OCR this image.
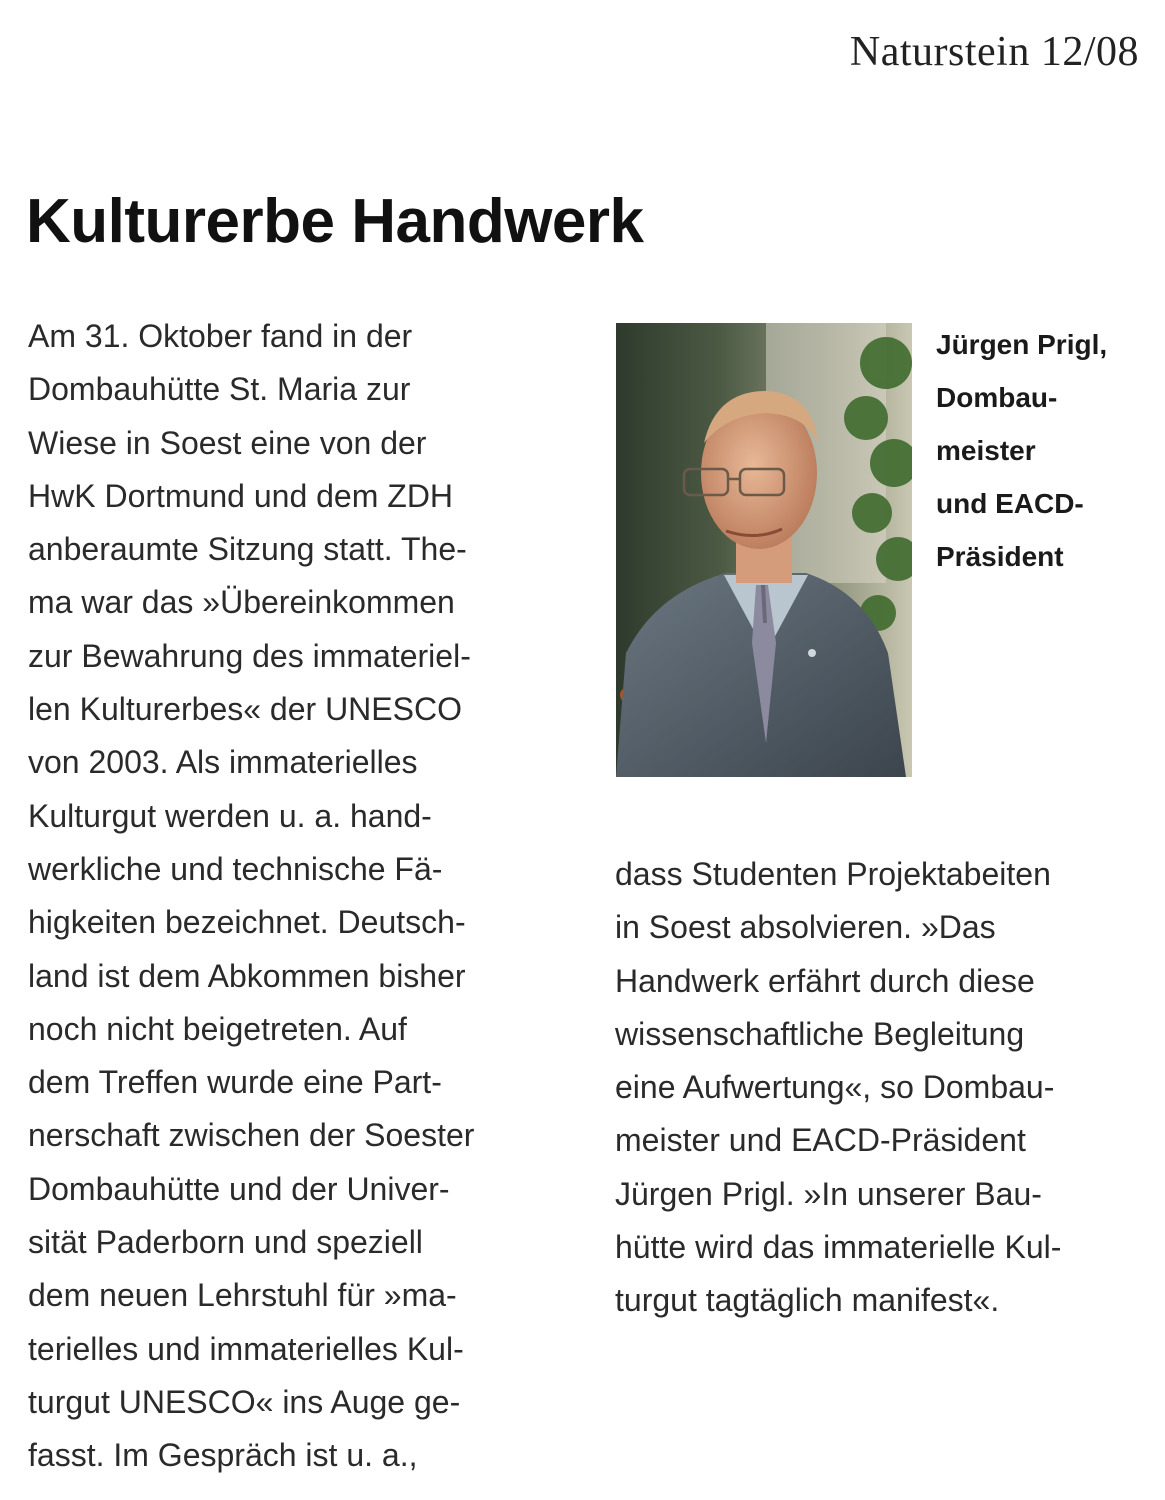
Naturstein 12/08
Kulturerbe Handwerk
Am 31. Oktober fand in der
Dombauhütte St. Maria zur
Wiese in Soest eine von der
HwK Dortmund und dem ZDH
anberaumte Sitzung statt. The-
ma war das »Übereinkommen
zur Bewahrung des immateriel-
len Kulturerbes« der UNESCO
von 2003. Als immaterielles
Kulturgut werden u. a. hand-
werkliche und technische Fä-
higkeiten bezeichnet. Deutsch-
land ist dem Abkommen bisher
noch nicht beigetreten. Auf
dem Treffen wurde eine Part-
nerschaft zwischen der Soester
Dombauhütte und der Univer-
sität Paderborn und speziell
dem neuen Lehrstuhl für »ma-
terielles und immaterielles Kul-
turgut UNESCO« ins Auge ge-
fasst. Im Gespräch ist u. a.,
Jürgen Prigl,
Dombau-
meister
und EACD-
Präsident
dass Studenten Projektabeiten
in Soest absolvieren. »Das
Handwerk erfährt durch diese
wissenschaftliche Begleitung
eine Aufwertung«, so Dombau-
meister und EACD-Präsident
Jürgen Prigl. »In unserer Bau-
hütte wird das immaterielle Kul-
turgut tagtäglich manifest«.
